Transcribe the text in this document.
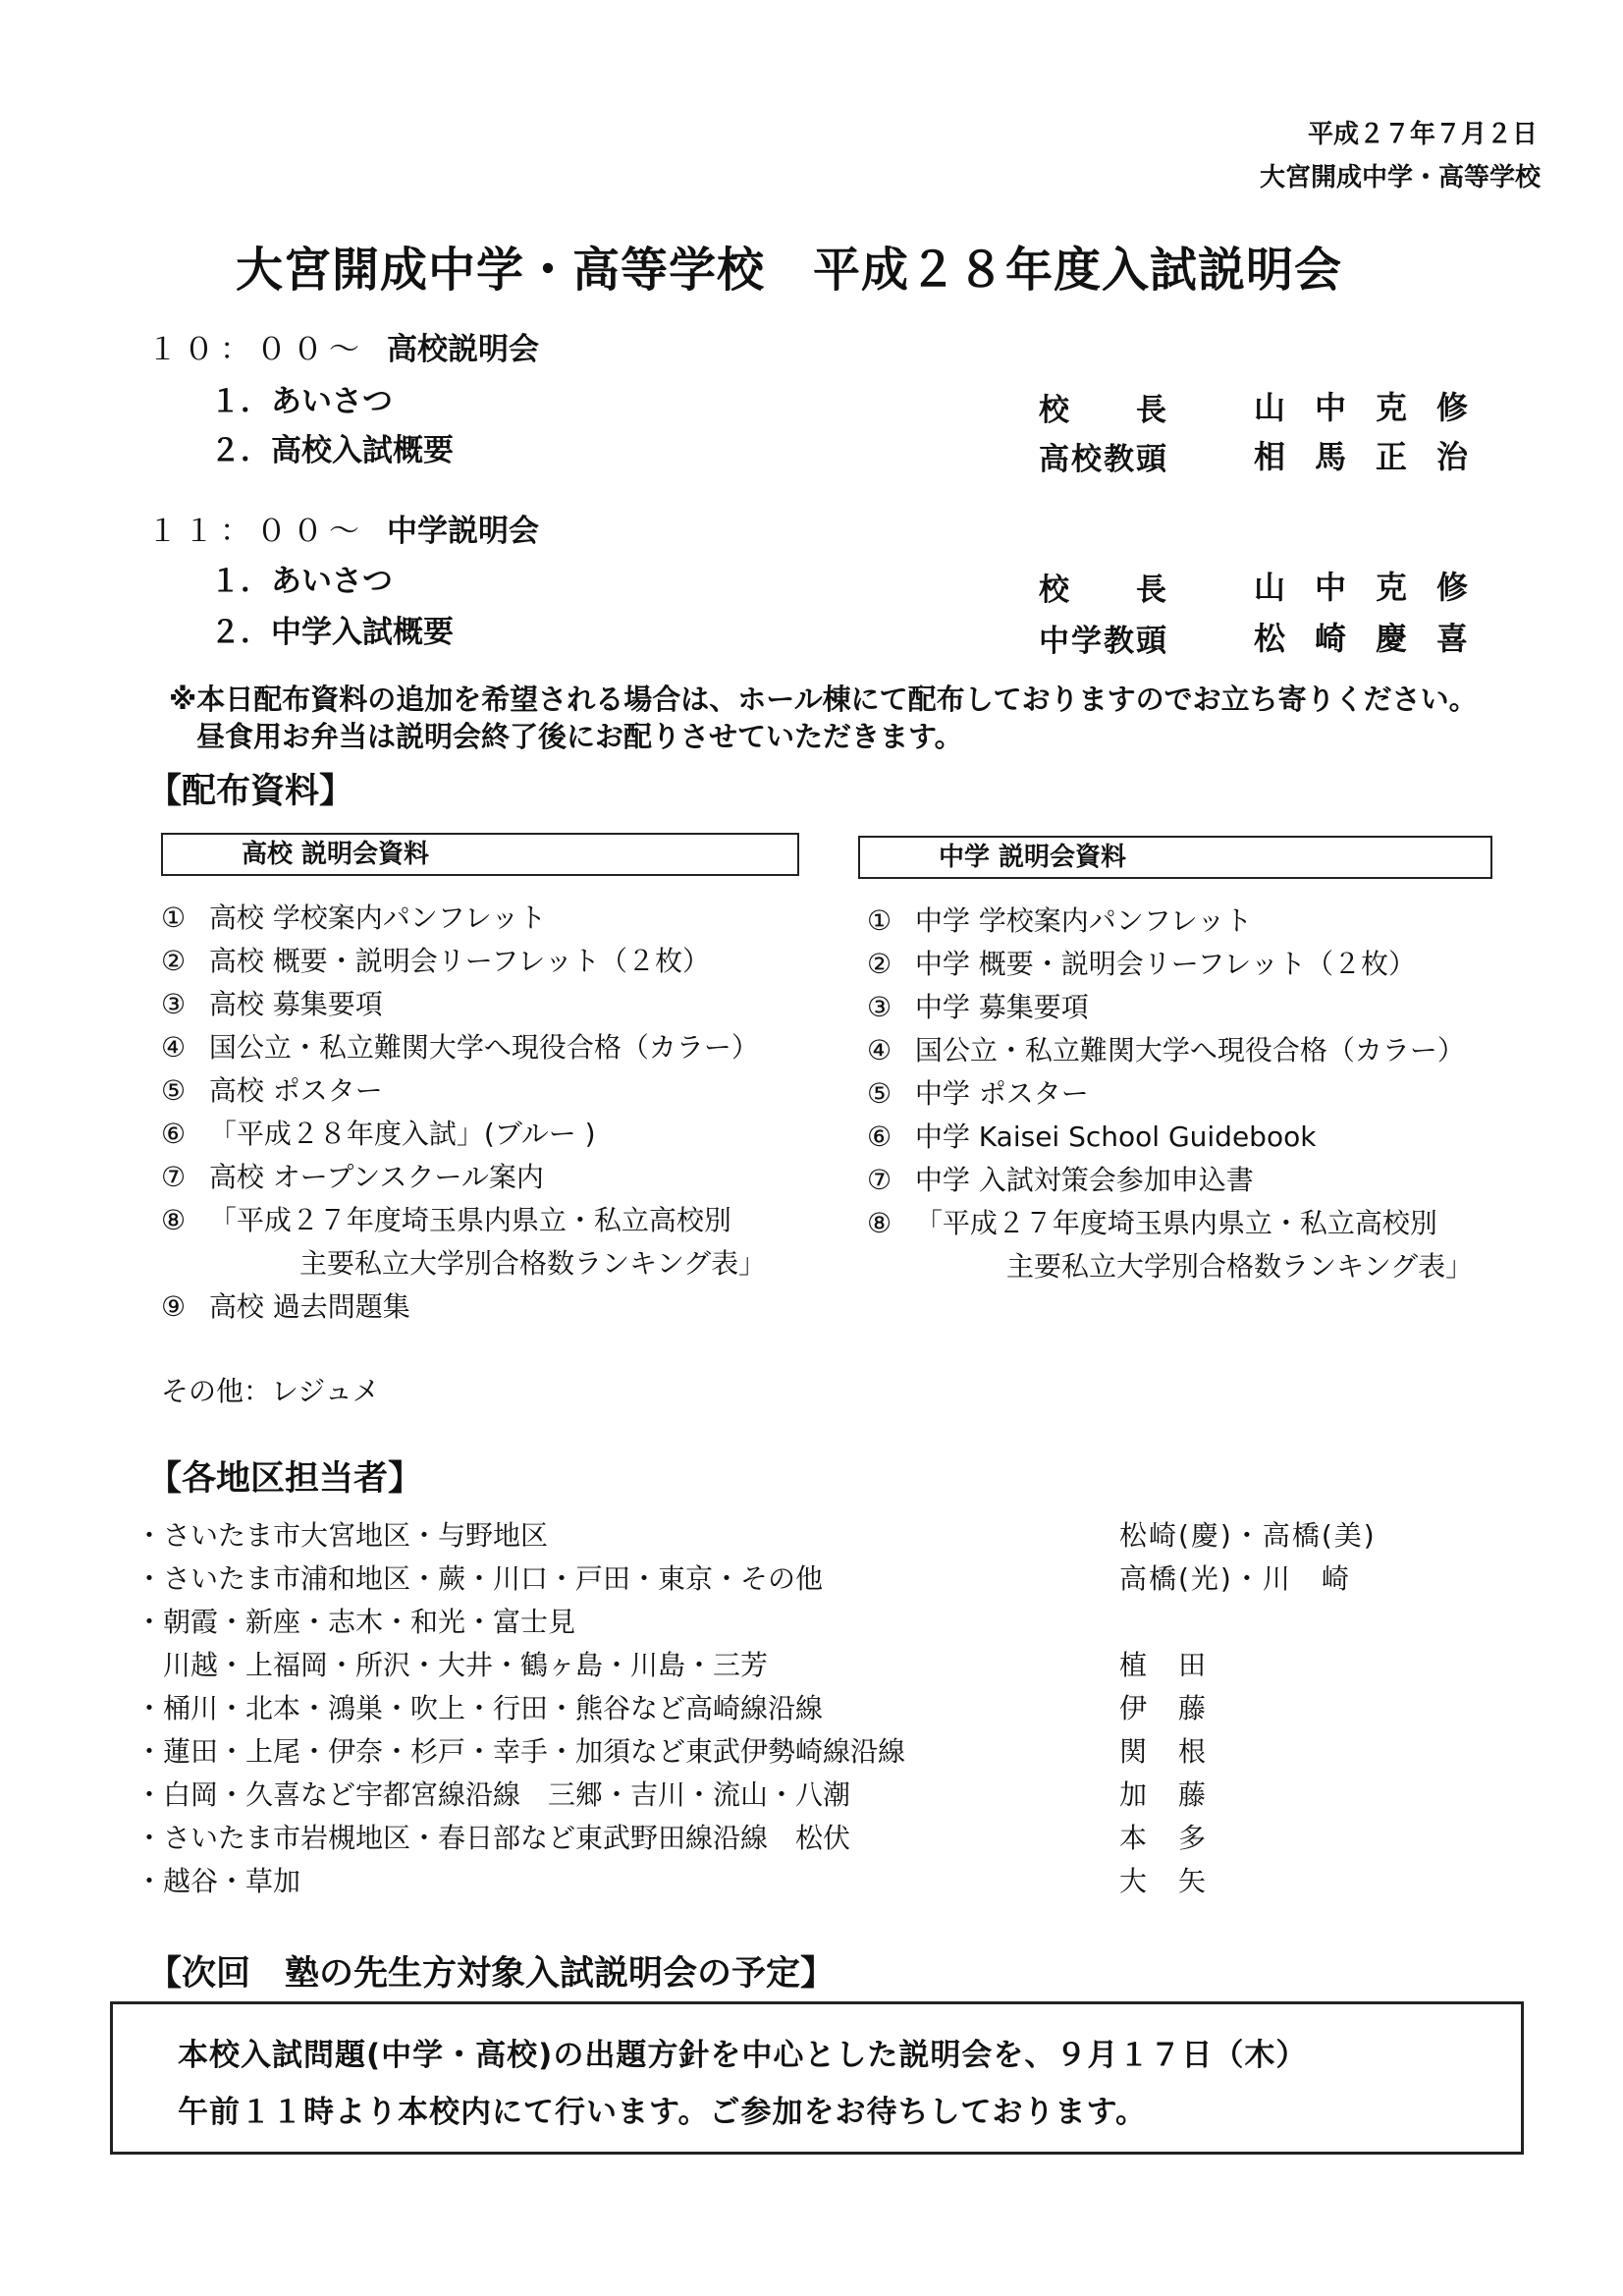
平成２７年７月２日
大宮開成中学・高等学校
大宮開成中学・高等学校　平成２８年度入試説明会
１０：００～ 高校説明会
１．あいさつ	校　　長	山中克修
２．高校入試概要	高校教頭	相馬正治
１１：００～ 中学説明会
１．あいさつ	校　　長	山中克修
２．中学入試概要	中学教頭	松崎慶喜
※本日配布資料の追加を希望される場合は、ホール棟にて配布しておりますのでお立ち寄りください。
昼食用お弁当は説明会終了後にお配りさせていただきます。
【配布資料】
高校 説明会資料	中学 説明会資料
① 高校 学校案内パンフレット
② 高校 概要・説明会リーフレット（２枚）
③ 高校 募集要項
④ 国公立・私立難関大学へ現役合格（カラー）
⑤ 高校 ポスター
⑥ 「平成２８年度入試」(ブルー )
⑦ 高校 オープンスクール案内
⑧ 「平成２７年度埼玉県内県立・私立高校別
主要私立大学別合格数ランキング表」
⑨ 高校 過去問題集
その他：レジュメ
① 中学 学校案内パンフレット
② 中学 概要・説明会リーフレット（２枚）
③ 中学 募集要項
④ 国公立・私立難関大学へ現役合格（カラー）
⑤ 中学 ポスター
⑥ 中学 Kaisei School Guidebook
⑦ 中学 入試対策会参加申込書
⑧ 「平成２７年度埼玉県内県立・私立高校別
主要私立大学別合格数ランキング表」
【各地区担当者】
・さいたま市大宮地区・与野地区	松崎(慶)・高橋(美)
・さいたま市浦和地区・蕨・川口・戸田・東京・その他	高橋(光)・川　崎
・朝霞・新座・志木・和光・富士見
　川越・上福岡・所沢・大井・鶴ヶ島・川島・三芳	植　田
・桶川・北本・鴻巣・吹上・行田・熊谷など高崎線沿線	伊　藤
・蓮田・上尾・伊奈・杉戸・幸手・加須など東武伊勢崎線沿線	関　根
・白岡・久喜など宇都宮線沿線　三郷・吉川・流山・八潮	加　藤
・さいたま市岩槻地区・春日部など東武野田線沿線　松伏	本　多
・越谷・草加	大　矢
【次回　塾の先生方対象入試説明会の予定】
本校入試問題(中学・高校)の出題方針を中心とした説明会を、９月１７日（木）
午前１１時より本校内にて行います。ご参加をお待ちしております。
